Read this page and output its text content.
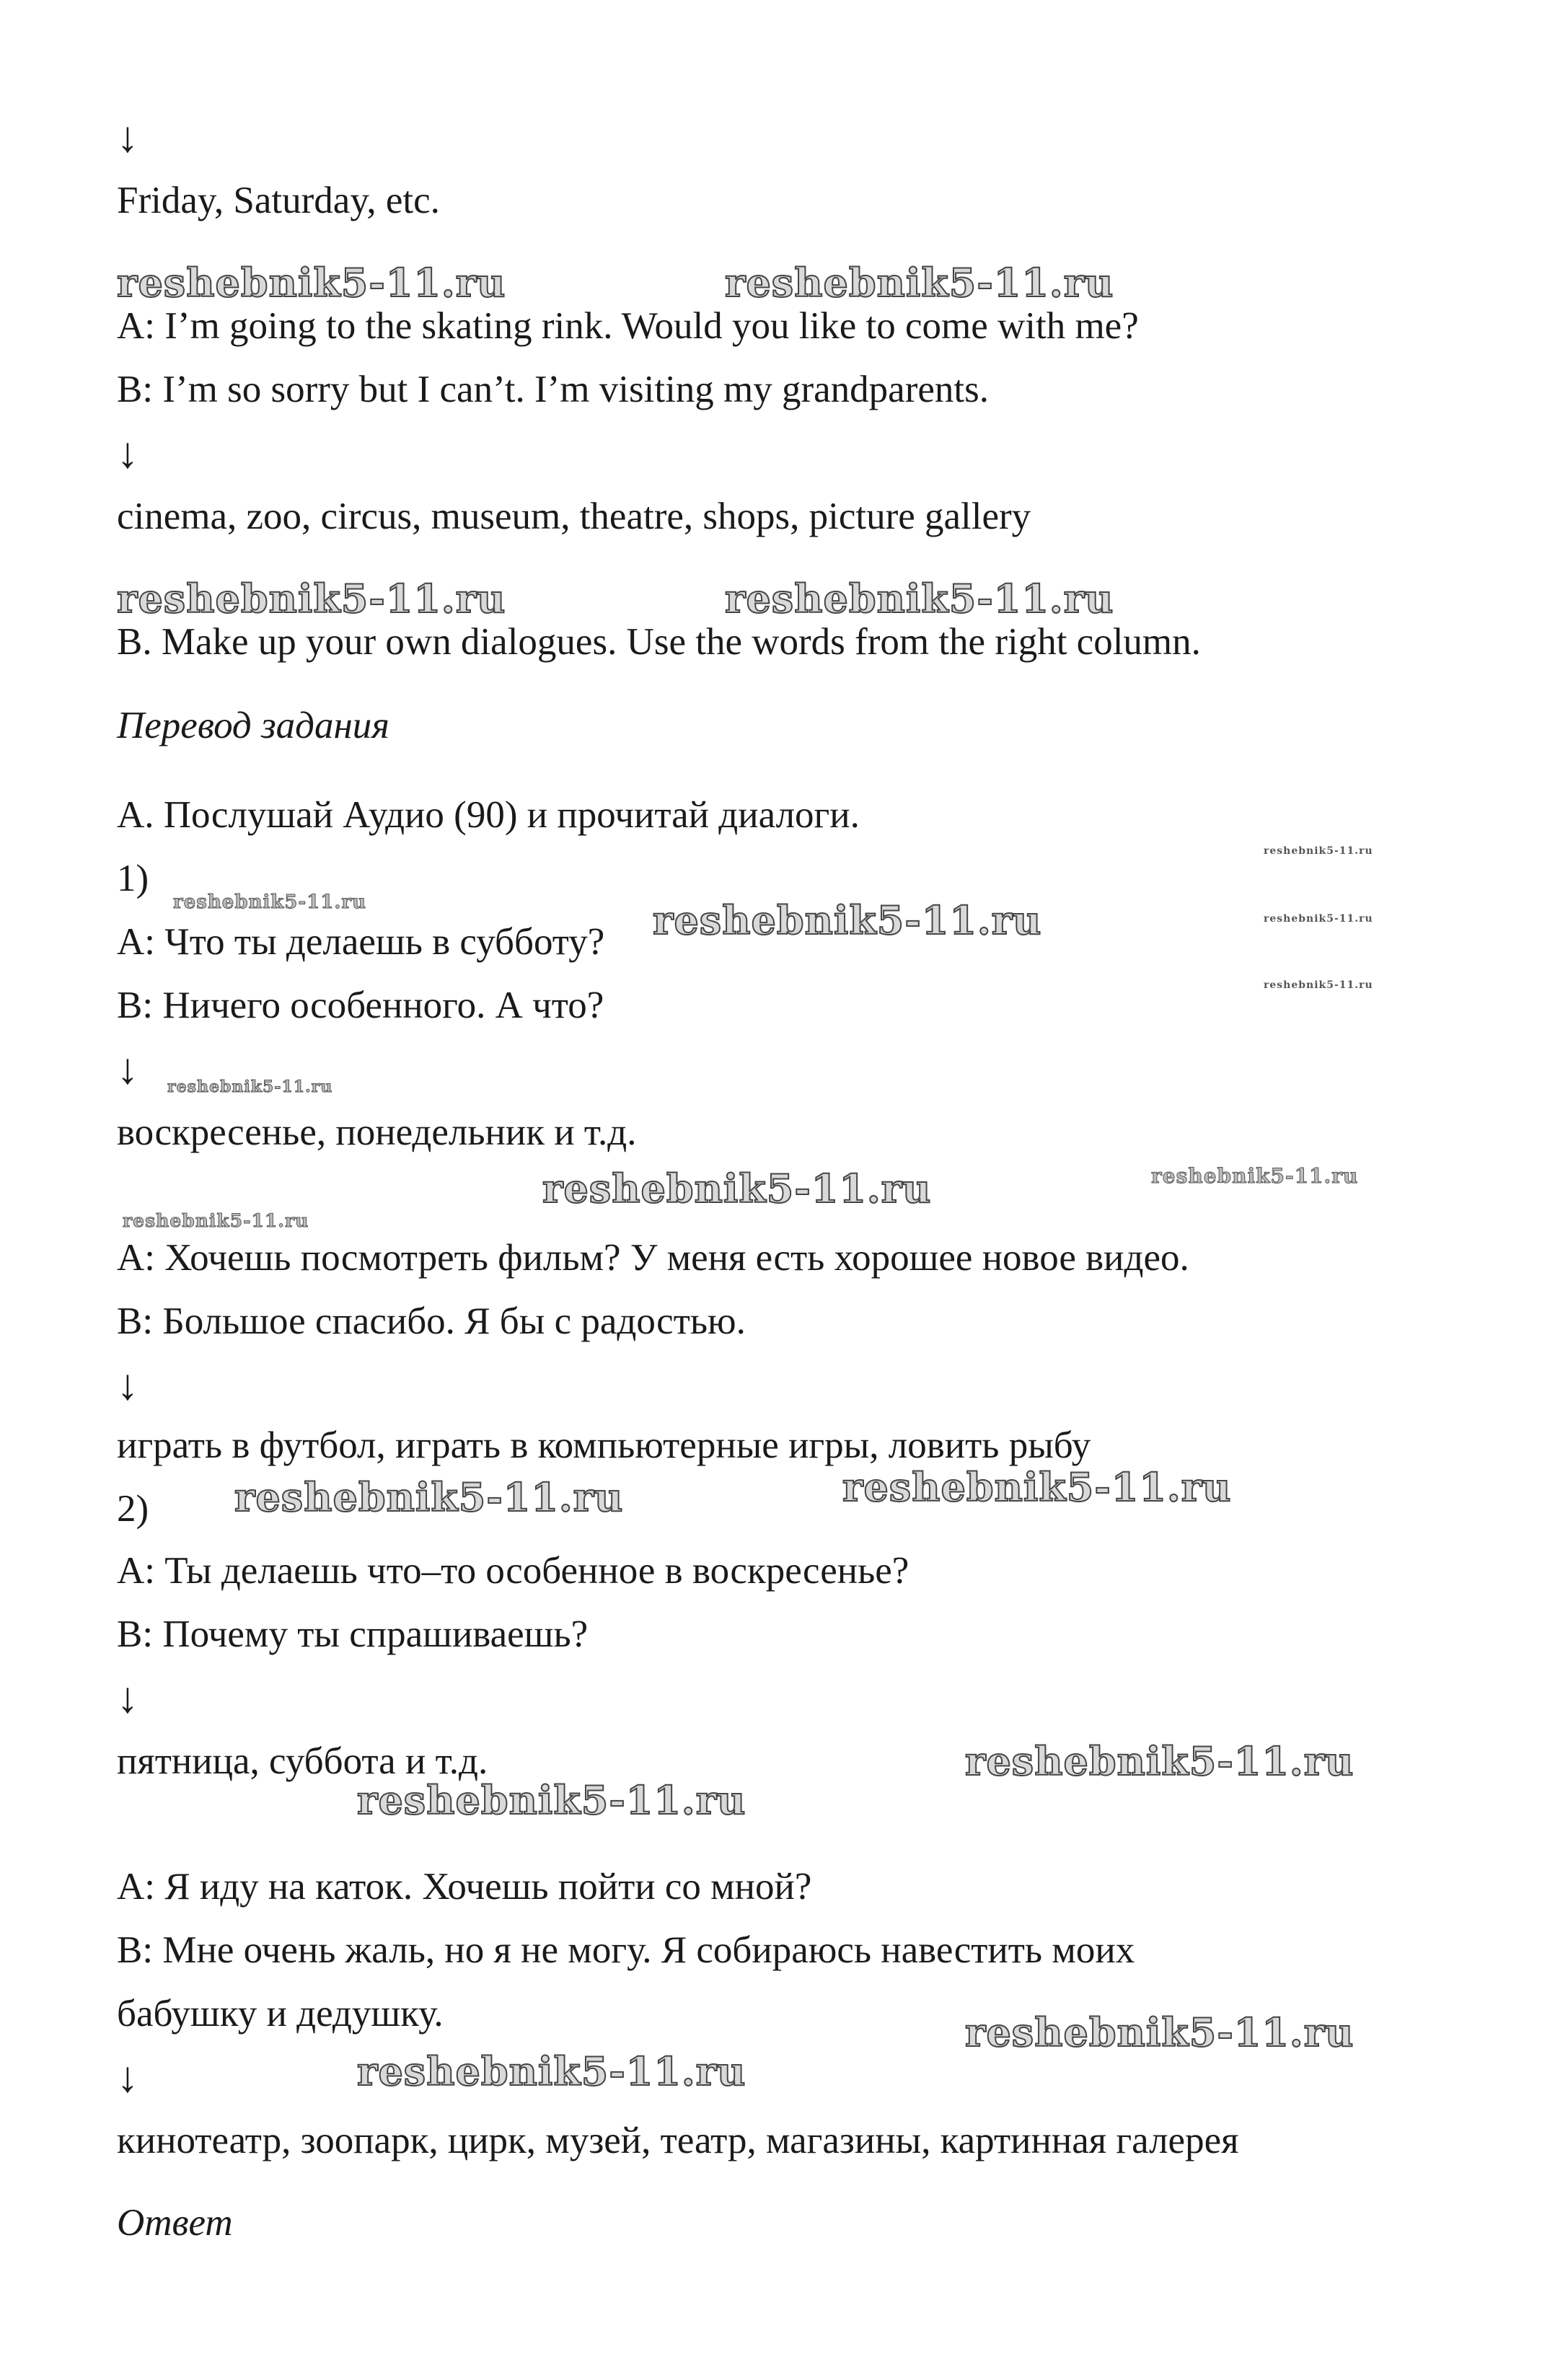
↓
Friday, Saturday, etc.
A: I’m going to the skating rink. Would you like to come with me?
B: I’m so sorry but I can’t. I’m visiting my grandparents.
↓
cinema, zoo, circus, museum, theatre, shops, picture gallery
B. Make up your own dialogues. Use the words from the right column.
Перевод задания
А. Послушай Аудио (90) и прочитай диалоги.
1)
А: Что ты делаешь в субботу?
В: Ничего особенного. А что?
↓
воскресенье, понедельник и т.д.
А: Хочешь посмотреть фильм? У меня есть хорошее новое видео.
В: Большое спасибо. Я бы с радостью.
↓
играть в футбол, играть в компьютерные игры, ловить рыбу
2)
А: Ты делаешь что–то особенное в воскресенье?
В: Почему ты спрашиваешь?
↓
пятница, суббота и т.д.
А: Я иду на каток. Хочешь пойти со мной?
В: Мне очень жаль, но я не могу. Я собираюсь навестить моих
бабушку и дедушку.
↓
кинотеатр, зоопарк, цирк, музей, театр, магазины, картинная галерея
Ответ
reshebnik5-11.ru	reshebnik5-11.ru
reshebnik5-11.ru	reshebnik5-11.ru
reshebnik5-11.ru
reshebnik5-11.ru	reshebnik5-11.ru	reshebnik5-11.ru
reshebnik5-11.ru
reshebnik5-11.ru
reshebnik5-11.ru	reshebnik5-11.ru
reshebnik5-11.ru
reshebnik5-11.ru
reshebnik5-11.ru
reshebnik5-11.ru
reshebnik5-11.ru
reshebnik5-11.ru
reshebnik5-11.ru
